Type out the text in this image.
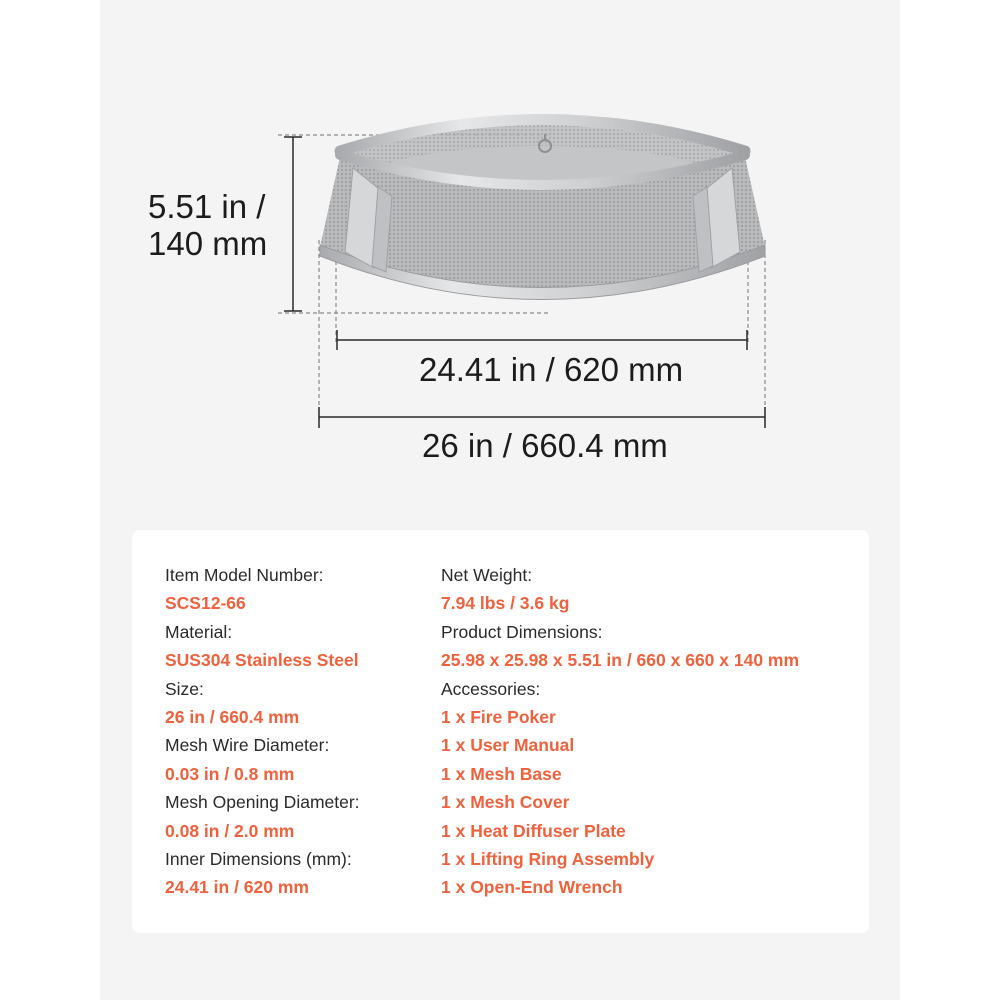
5.51 in /
140 mm
24.41 in / 620 mm
26 in / 660.4 mm
Item Model Number:
SCS12-66
Material:
SUS304 Stainless Steel
Size:
26 in / 660.4 mm
Mesh Wire Diameter:
0.03 in / 0.8 mm
Mesh Opening Diameter:
0.08 in / 2.0 mm
Inner Dimensions (mm):
24.41 in / 620 mm
Net Weight:
7.94 lbs / 3.6 kg
Product Dimensions:
25.98 x 25.98 x 5.51 in / 660 x 660 x 140 mm
Accessories:
1 x Fire Poker
1 x User Manual
1 x Mesh Base
1 x Mesh Cover
1 x Heat Diffuser Plate
1 x Lifting Ring Assembly
1 x Open-End Wrench
